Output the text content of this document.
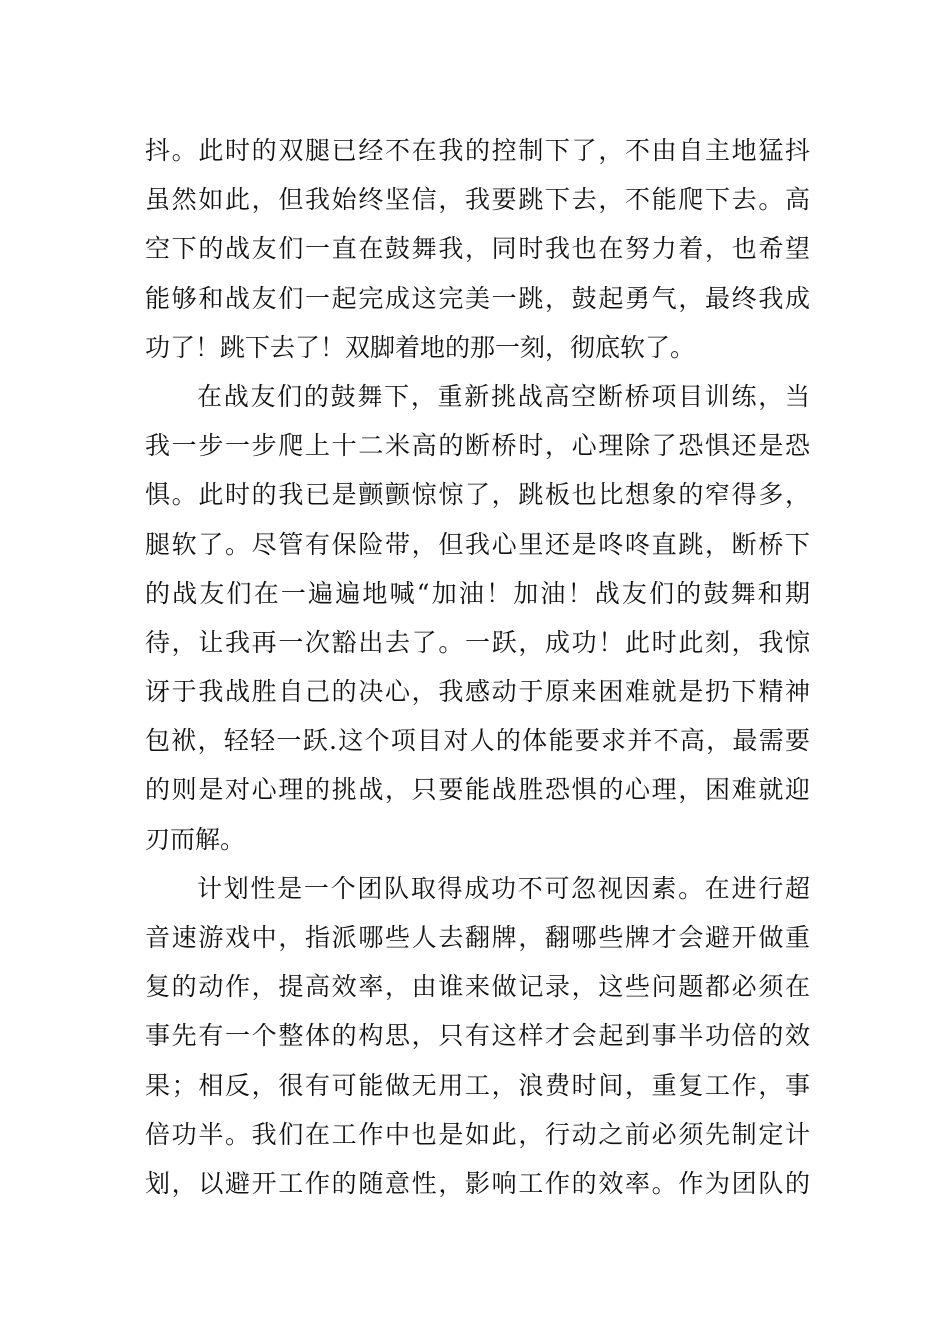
抖。此时的双腿已经不在我的控制下了，不由自主地猛抖
虽然如此，但我始终坚信，我要跳下去，不能爬下去。高
空下的战友们一直在鼓舞我，同时我也在努力着，也希望
能够和战友们一起完成这完美一跳，鼓起勇气，最终我成
功了！跳下去了！双脚着地的那一刻，彻底软了。
在战友们的鼓舞下，重新挑战高空断桥项目训练，当
我一步一步爬上十二米高的断桥时，心理除了恐惧还是恐
惧。此时的我已是颤颤惊惊了，跳板也比想象的窄得多，
腿软了。尽管有保险带，但我心里还是咚咚直跳，断桥下
的战友们在一遍遍地喊“加油！加油！战友们的鼓舞和期
待，让我再一次豁出去了。一跃，成功！此时此刻，我惊
讶于我战胜自己的决心，我感动于原来困难就是扔下精神
包袱，轻轻一跃.这个项目对人的体能要求并不高，最需要
的则是对心理的挑战，只要能战胜恐惧的心理，困难就迎
刃而解。
计划性是一个团队取得成功不可忽视因素。在进行超
音速游戏中，指派哪些人去翻牌，翻哪些牌才会避开做重
复的动作，提高效率，由谁来做记录，这些问题都必须在
事先有一个整体的构思，只有这样才会起到事半功倍的效
果；相反，很有可能做无用工，浪费时间，重复工作，事
倍功半。我们在工作中也是如此，行动之前必须先制定计
划，以避开工作的随意性，影响工作的效率。作为团队的
